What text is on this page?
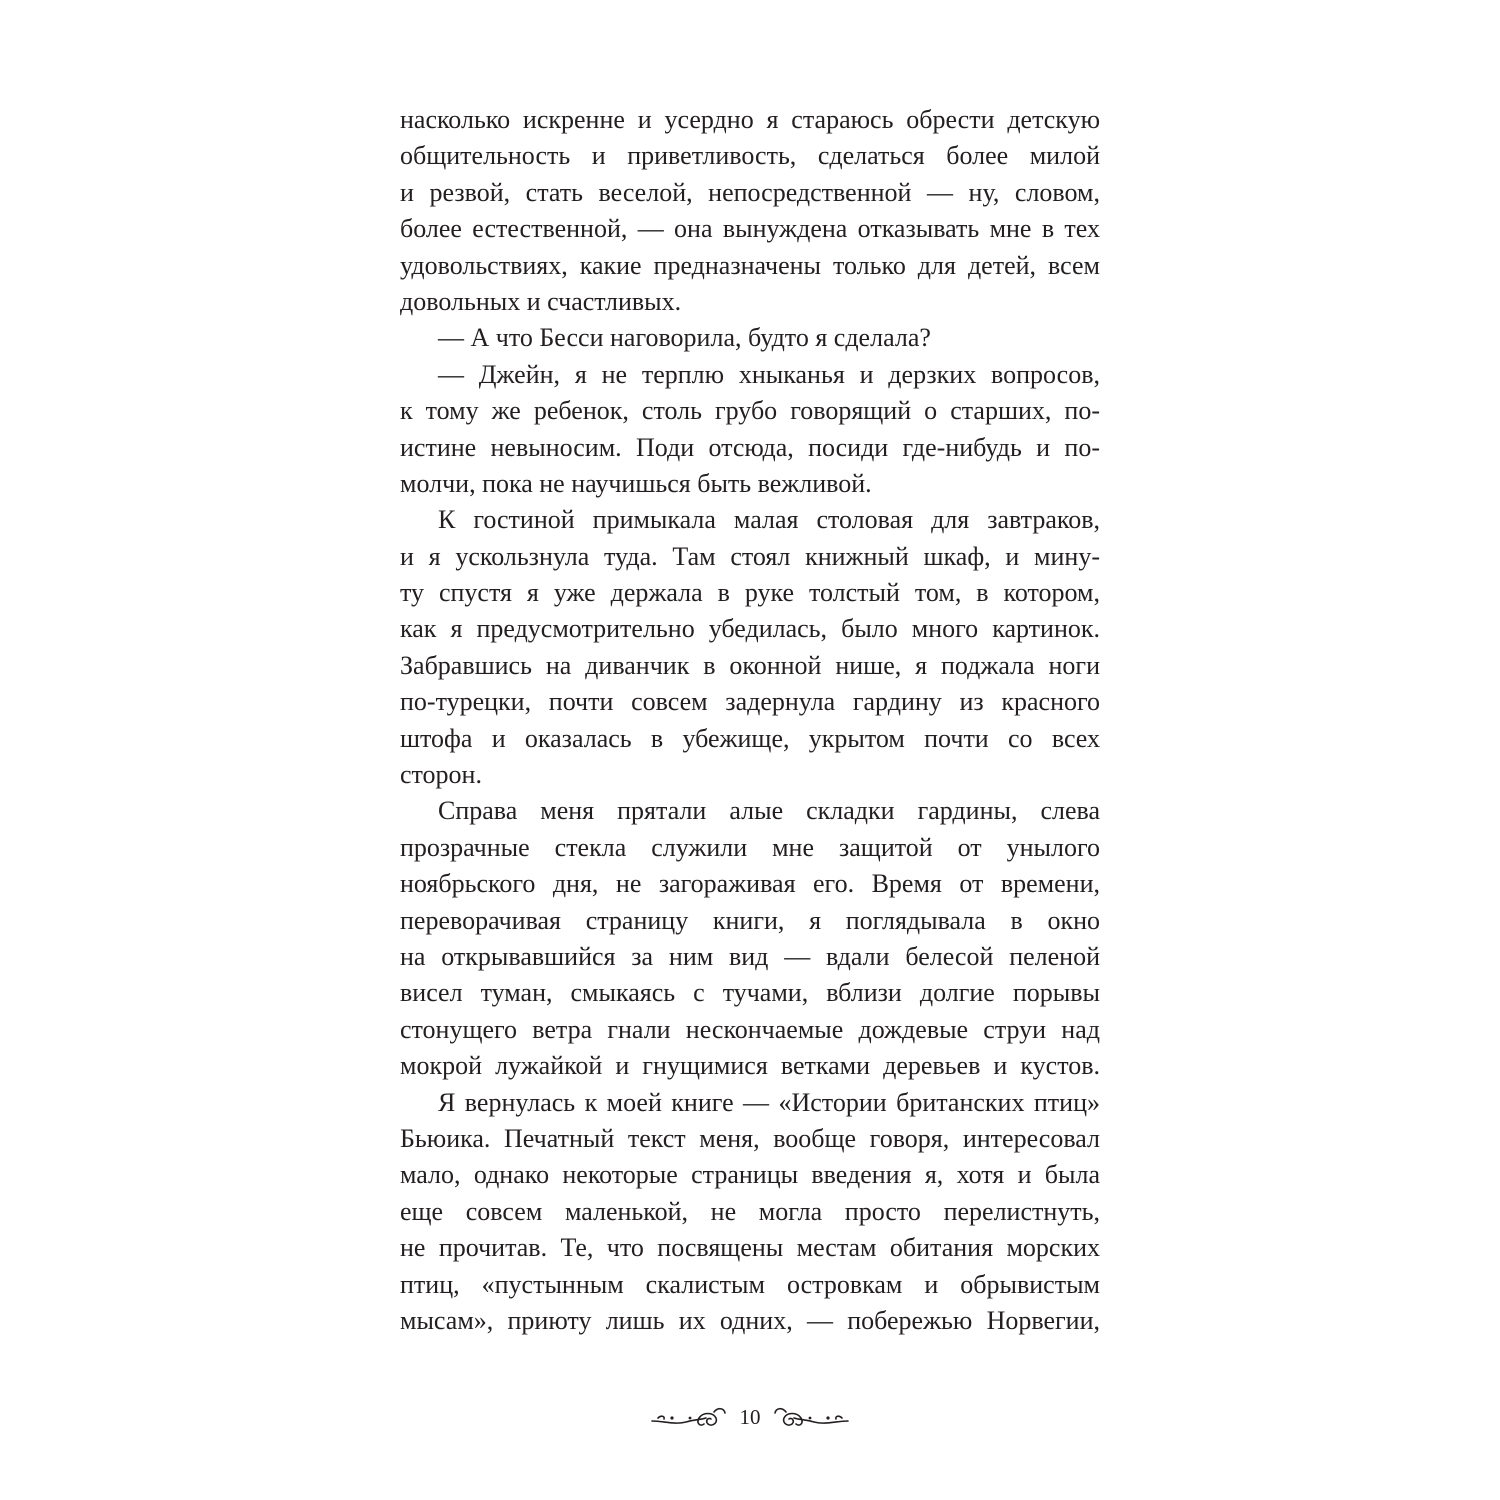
насколько искренне и усердно я стараюсь обрести детскую
общительность и приветливость, сделаться более милой
и резвой, стать веселой, непосредственной — ну, словом,
более естественной, — она вынуждена отказывать мне в тех
удовольствиях, какие предназначены только для детей, всем
довольных и счастливых.
— А что Бесси наговорила, будто я сделала?
— Джейн, я не терплю хныканья и дерзких вопросов,
к тому же ребенок, столь грубо говорящий о старших, по-
истине невыносим. Поди отсюда, посиди где-нибудь и по-
молчи, пока не научишься быть вежливой.
К гостиной примыкала малая столовая для завтраков,
и я ускользнула туда. Там стоял книжный шкаф, и мину-
ту спустя я уже держала в руке толстый том, в котором,
как я предусмотрительно убедилась, было много картинок.
Забравшись на диванчик в оконной нише, я поджала ноги
по-турецки, почти совсем задернула гардину из красного
штофа и оказалась в убежище, укрытом почти со всех
сторон.
Справа меня прятали алые складки гардины, слева
прозрачные стекла служили мне защитой от унылого
ноябрьского дня, не загораживая его. Время от времени,
переворачивая страницу книги, я поглядывала в окно
на открывавшийся за ним вид — вдали белесой пеленой
висел туман, смыкаясь с тучами, вблизи долгие порывы
стонущего ветра гнали нескончаемые дождевые струи над
мокрой лужайкой и гнущимися ветками деревьев и кустов.
Я вернулась к моей книге — «Истории британских птиц»
Бьюика. Печатный текст меня, вообще говоря, интересовал
мало, однако некоторые страницы введения я, хотя и была
еще совсем маленькой, не могла просто перелистнуть,
не прочитав. Те, что посвящены местам обитания морских
птиц, «пустынным скалистым островкам и обрывистым
мысам», приюту лишь их одних, — побережью Норвегии,
10
